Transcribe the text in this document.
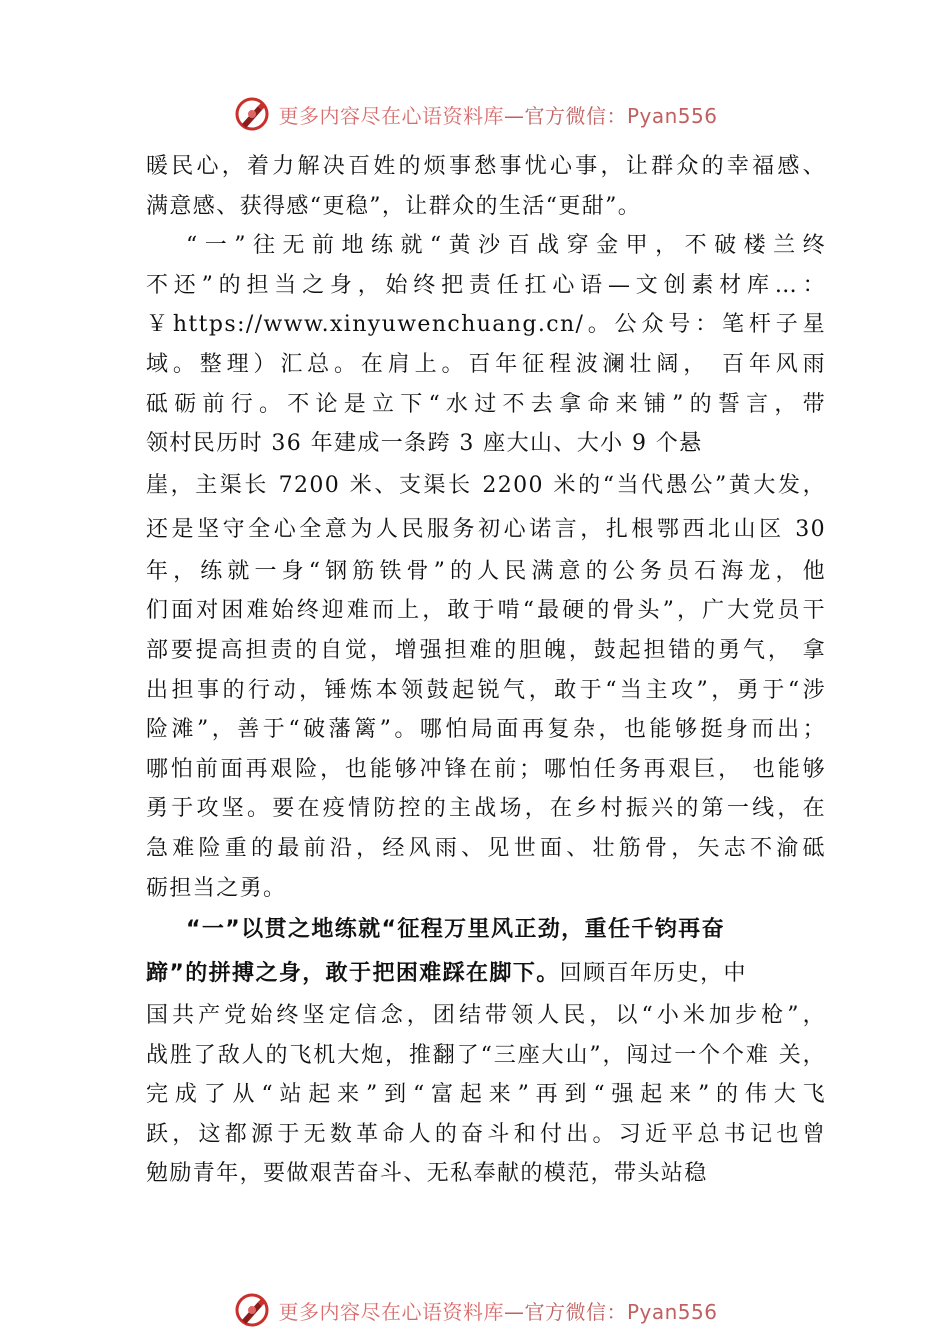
更多内容尽在心语资料库—官方微信：Pyan556
暖民心，着力解决百姓的烦事愁事忧心事，让群众的幸福感、
满意感、获得感“更稳”，让群众的生活“更甜”。
“一”往无前地练就“黄沙百战穿金甲，不破楼兰终
不还”的担当之身，始终把责任扛心语—文创素材库…：
￥https://www.xinyuwenchuang.cn/。公众号：笔杆子星
域。整理）汇总。在肩上。百年征程波澜壮阔， 百年风雨
砥砺前行。不论是立下“水过不去拿命来铺”的誓言，带
领村民历时 36 年建成一条跨 3 座大山、大小 9 个悬
崖，主渠长 7200 米、支渠长 2200 米的“当代愚公”黄大发，
还是坚守全心全意为人民服务初心诺言，扎根鄂西北山区 30
年，练就一身“钢筋铁骨”的人民满意的公务员石海龙，他
们面对困难始终迎难而上，敢于啃“最硬的骨头”，广大党员干
部要提高担责的自觉，增强担难的胆魄，鼓起担错的勇气， 拿
出担事的行动，锤炼本领鼓起锐气，敢于“当主攻”，勇于“涉
险滩”，善于“破藩篱”。哪怕局面再复杂，也能够挺身而出；
哪怕前面再艰险，也能够冲锋在前；哪怕任务再艰巨， 也能够
勇于攻坚。要在疫情防控的主战场，在乡村振兴的第一线，在
急难险重的最前沿，经风雨、见世面、壮筋骨，矢志不渝砥
砺担当之勇。
“一”以贯之地练就“征程万里风正劲，重任千钧再奋
蹄”的拼搏之身，敢于把困难踩在脚下。回顾百年历史，中
国共产党始终坚定信念，团结带领人民，以“小米加步枪”，
战胜了敌人的飞机大炮，推翻了“三座大山”，闯过一个个难 关，
完成了从“站起来”到“富起来”再到“强起来”的伟大飞
跃，这都源于无数革命人的奋斗和付出。习近平总书记也曾
勉励青年，要做艰苦奋斗、无私奉献的模范，带头站稳
更多内容尽在心语资料库—官方微信：Pyan556
